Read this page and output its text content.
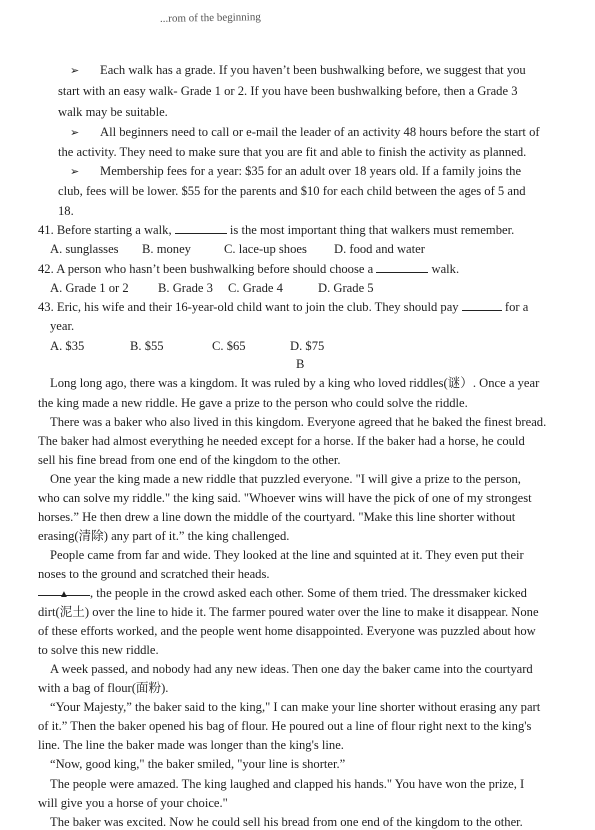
...rom of the beginning
➢ Each walk has a grade. If you haven’t been bushwalking before, we suggest that you
start with an easy walk- Grade 1 or 2. If you have been bushwalking before, then a Grade 3
walk may be suitable.
➢ All beginners need to call or e-mail the leader of an activity 48 hours before the start of
the activity. They need to make sure that you are fit and able to finish the activity as planned.
➢ Membership fees for a year: $35 for an adult over 18 years old. If a family joins the
club, fees will be lower. $55 for the parents and $10 for each child between the ages of 5 and
18.
41. Before starting a walk,	is the most important thing that walkers must remember.
A. sunglasses B. money	C. lace-up shoes D. food and water
42. A person who hasn’t been bushwalking before should choose a	walk.
A. Grade 1 or 2 B. Grade 3 C. Grade 4	D. Grade 5
43. Eric, his wife and their 16-year-old child want to join the club. They should pay	for a
year.
A. $35	B. $55	C. $65	D. $75
B
Long long ago, there was a kingdom. It was ruled by a king who loved riddles(谜）. Once a year
the king made a new riddle. He gave a prize to the person who could solve the riddle.
There was a baker who also lived in this kingdom. Everyone agreed that he baked the finest bread.
The baker had almost everything he needed except for a horse. If the baker had a horse, he could
sell his fine bread from one end of the kingdom to the other.
One year the king made a new riddle that puzzled everyone. "I will give a prize to the person,
who can solve my riddle." the king said. "Whoever wins will have the pick of one of my strongest
horses.” He then drew a line down the middle of the courtyard. "Make this line shorter without
erasing(清除) any part of it.” the king challenged.
People came from far and wide. They looked at the line and squinted at it. They even put their
noses to the ground and scratched their heads.
▲ , the people in the crowd asked each other. Some of them tried. The dressmaker kicked
dirt(泥土) over the line to hide it. The farmer poured water over the line to make it disappear. None
of these efforts worked, and the people went home disappointed. Everyone was puzzled about how
to solve this new riddle.
A week passed, and nobody had any new ideas. Then one day the baker came into the courtyard
with a bag of flour(面粉).
“Your Majesty,” the baker said to the king," I can make your line shorter without erasing any part
of it.” Then the baker opened his bag of flour. He poured out a line of flour right next to the king's
line. The line the baker made was longer than the king's line.
“Now, good king," the baker smiled, "your line is shorter.”
The people were amazed. The king laughed and clapped his hands." You have won the prize, I
will give you a horse of your choice."
The baker was excited. Now he could sell his bread from one end of the kingdom to the other.
